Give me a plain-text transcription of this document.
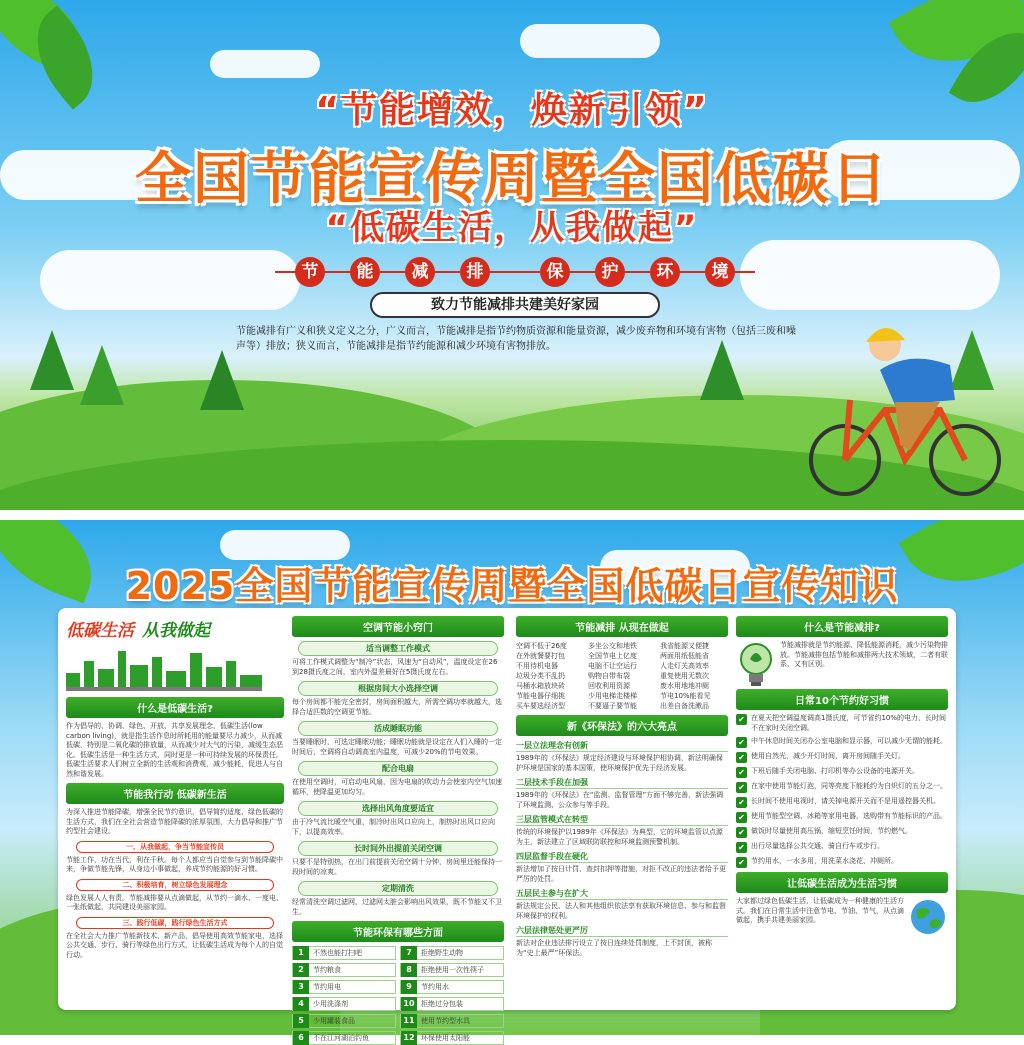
“节能增效，焕新引领”
全国节能宣传周暨全国低碳日
“低碳生活，从我做起”
节	能	减	排	保	护	环	境
致力节能减排共建美好家园
节能减排有广义和狭义定义之分，广义而言，节能减排是指节约物质资源和能量资源，减少废弃物和环境有害物（包括三废和噪声等）排放；狭义而言，节能减排是指节约能源和减少环境有害物排放。
2025全国节能宣传周暨全国低碳日宣传知识
低碳生活 从我做起
什么是低碳生活?
作为倡导的、协调、绿色、开放、共享发展理念，低碳生活(low carbon living)，就是指生活作息时所耗用的能量要尽力减少，从而减低碳，特别是二氧化碳的排放量，从而减少对大气的污染，减缓生态恶化。低碳生活是一种生活方式，同时更是一种可持续发展的环保责任。低碳生活要求人们树立全新的生活观和消费观，减少能耗，促进人与自然和谐发展。
节能我行动 低碳新生活
为深入推进节能降碳，增强全民节约意识，倡导简约适度、绿色低碳的生活方式，我们在全社会营造节能降碳的浓厚氛围，大力倡导和推广节约型社会建设。
一、从我做起，争当节能宣传员
节能工作，功在当代，利在千秋。每个人都应当自觉参与到节能降碳中来，争做节能先锋，从身边小事做起，养成节约能源的好习惯。
二、积极培育，树立绿色发展理念
绿色发展人人有责。节能减排要从点滴做起，从节约一滴水、一度电、一张纸做起，共同建设美丽家园。
三、践行低碳，践行绿色生活方式
在全社会大力推广节能新技术、新产品，倡导使用高效节能家电，选择公共交通、步行、骑行等绿色出行方式，让低碳生活成为每个人的自觉行动。
空调节能小窍门
适当调整工作模式
可将工作模式调整为“制冷”状态，风速为“自动风”，温度设定在26到28摄氏度之间，室内外温差最好在5摄氏度左右。
根据房间大小选择空调
每个房间都不能完全密封，房间面积越大，所需空调功率就越大，选择合适匹数的空调更节能。
活成睡眠功能
当要睡眠时，可选定睡眠功能；睡眠功能就是设定在人们入睡的一定时间后，空调将自动调高室内温度，可减少20%的节电效果。
配合电扇
在使用空调时，可启动电风扇，因为电扇的吹动力会使室内空气加速循环，使降温更加均匀。
选择出风角度要适宜
由于冷气流比暖空气重，制冷时出风口应向上，制热时出风口应向下，以提高效率。
长时间外出提前关闭空调
只要不是特别热，在出门前提前关闭空调十分钟，房间里还能保持一段时间的凉爽。
定期清洗
经常清洗空调过滤网，过滤网太脏会影响出风效果，既不节能又不卫生。
节能环保有哪些方面
1	不然也能打扫吧	7	拒绝野生动物
2	节约粮食	8	拒绝使用一次性筷子
3	节约用电	9	节约用水
4	少用洗涤剂	10 拒绝过分包装
5	少用罐装食品	11 使用节约型水具
6	不在江河湖泊钓鱼	12 环保使用太阳能
节能减排 从现在做起
空调不低于26度	多坐公交和地铁	我省能源又便捷
在外就餐要打包	全国节电上亿度	两面用纸低能省
不用待机电器	电脑不让空运行	人走灯关高效率
垃圾分类不乱扔	购物自带布袋	重复使用无数次
马桶水箱放块砖	回收利用资源	废水用地地冲厕
节能电器仔细挑	少用电梯走楼梯	节电10%能看见
买车要选经济型	不要逼子要节能	出差自备洗漱品
新《环保法》的六大亮点
一层立法理念有创新
1989年的《环保法》规定经济建设与环境保护相协调，新法明确保护环境是国家的基本国策，使环境保护优先于经济发展。
二层技术手段在加强
1989年的《环保法》在“监测、监督管理”方面不够完善，新法强调了环境监测、公众参与等手段。
三层监管模式在转型
传统的环境保护以1989年《环保法》为典型，它的环境监管以点源为主，新法建立了区域联防联控和环境监测预警机制。
四层监督手段在硬化
新法增加了按日计罚、查封扣押等措施，对拒不改正的违法者给予更严厉的处罚。
五层民主参与在扩大
新法规定公民、法人和其他组织依法享有获取环境信息、参与和监督环境保护的权利。
六层法律惩处更严厉
新法对企业违法排污设立了按日连续处罚制度，上不封顶，被称为“史上最严”环保法。
什么是节能减排?
节能减排就是节约能源、降低能源消耗，减少污染物排放。节能减排包括节能和减排两大技术领域，二者有联系，又有区别。
日常10个节约好习惯
✔ 在夏天把空调温度调高1摄氏度，可节省约10%的电力，长时间不在家时关闭空调。
✔ 中午休息时间关闭办公室电脑和显示器，可以减少无谓的能耗。
✔ 使用自然光，减少开灯时间，离开房间随手关灯。
✔ 下班后随手关闭电脑、打印机等办公设备的电源开关。
✔ 在家中使用节能灯泡，同等亮度下能耗约为白炽灯的五分之一。
✔ 长时间不使用电视时，请关掉电源开关而不是用遥控器关机。
✔ 使用节能型空调、冰箱等家用电器，选购带有节能标识的产品。
✔ 做饭时尽量使用高压锅，缩短烹饪时间，节约燃气。
✔ 出行尽量选择公共交通、骑自行车或步行。
✔ 节约用水，一水多用，用洗菜水浇花、冲厕所。
让低碳生活成为生活习惯
大家都过绿色低碳生活，让低碳成为一种健康的生活方式。我们在日常生活中注意节电、节油、节气，从点滴做起，携手共建美丽家园。
